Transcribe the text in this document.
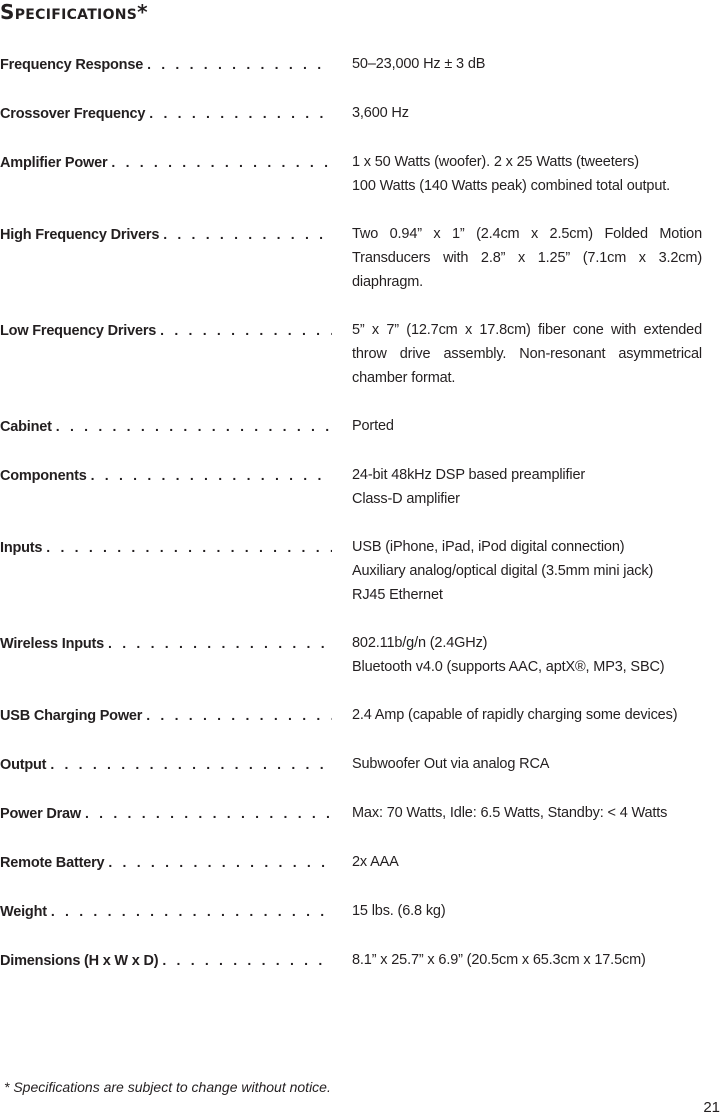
Specifications*
Frequency Response . . .	50–23,000 Hz ± 3 dB
Crossover Frequency . . .	3,600 Hz
Amplifier Power . . .	1 x 50 Watts (woofer). 2 x 25 Watts (tweeters)
100 Watts (140 Watts peak) combined total output.
High Frequency Drivers . . .	Two 0.94” x 1” (2.4cm x 2.5cm) Folded Motion Transducers with 2.8” x 1.25” (7.1cm x 3.2cm) diaphragm.
Low Frequency Drivers . . .	5” x 7” (12.7cm x 17.8cm) fiber cone with extended throw drive assembly. Non-resonant asymmetrical chamber format.
Cabinet . . .	Ported
Components . . .	24-bit 48kHz DSP based preamplifier
Class-D amplifier
Inputs . . .	USB (iPhone, iPad, iPod digital connection)
Auxiliary analog/optical digital (3.5mm mini jack)
RJ45 Ethernet
Wireless Inputs . . .	802.11b/g/n (2.4GHz)
Bluetooth v4.0 (supports AAC, aptX®, MP3, SBC)
USB Charging Power . . .	2.4 Amp (capable of rapidly charging some devices)
Output . . .	Subwoofer Out via analog RCA
Power Draw . . .	Max: 70 Watts, Idle: 6.5 Watts, Standby: < 4 Watts
Remote Battery . . .	2x AAA
Weight . . .	15 lbs. (6.8 kg)
Dimensions (H x W x D) . . .	8.1” x 25.7” x 6.9” (20.5cm x 65.3cm x 17.5cm)
* Specifications are subject to change without notice.
21
